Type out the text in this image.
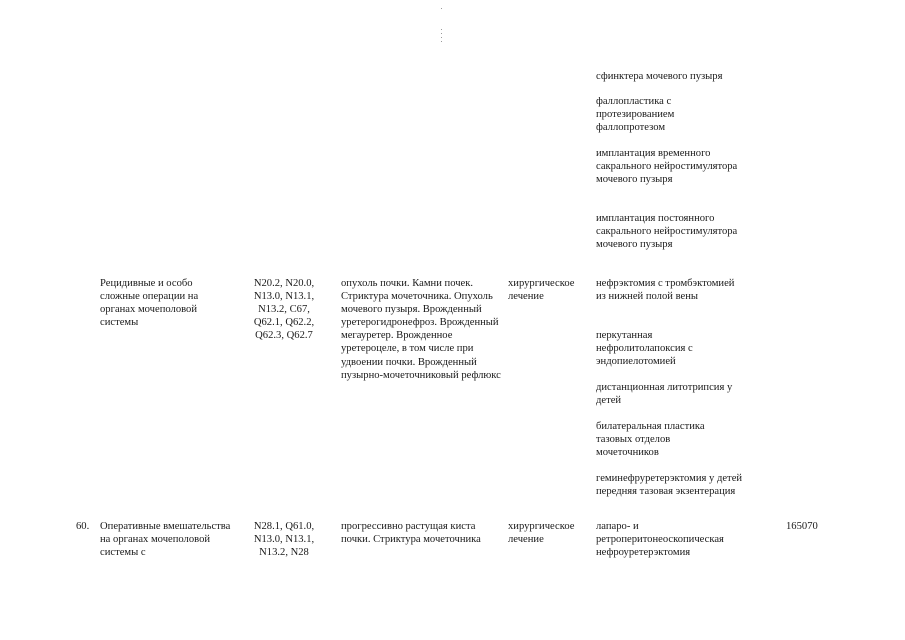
сфинктера мочевого пузыря
фаллопластика с протезированием фаллопротезом
имплантация временного сакрального нейростимулятора мочевого пузыря
имплантация постоянного сакрального нейростимулятора мочевого пузыря
Рецидивные и особо сложные операции на органах мочеполовой системы
N20.2, N20.0, N13.0, N13.1, N13.2, C67, Q62.1, Q62.2, Q62.3, Q62.7
опухоль почки. Камни почек. Стриктура мочеточника. Опухоль мочевого пузыря. Врожденный уретерогидронефроз. Врожденный мегауретер. Врожденное уретероцеле, в том числе при удвоении почки. Врожденный пузырно-мочеточниковый рефлюкс
хирургическое лечение
нефрэктомия с тромбэктомией из нижней полой вены
перкутанная нефролитолапоксия с эндопиелотомией
дистанционная литотрипсия у детей
билатеральная пластика тазовых отделов мочеточников
геминефруретерэктомия у детей передняя тазовая экзентерация
60.	Оперативные вмешательства на органах мочеполовой системы с
N28.1, Q61.0, N13.0, N13.1, N13.2, N28
прогрессивно растущая киста почки. Стриктура мочеточника
хирургическое лечение
лапаро- и ретроперитонеоскопическая нефроуретерэктомия
165070
